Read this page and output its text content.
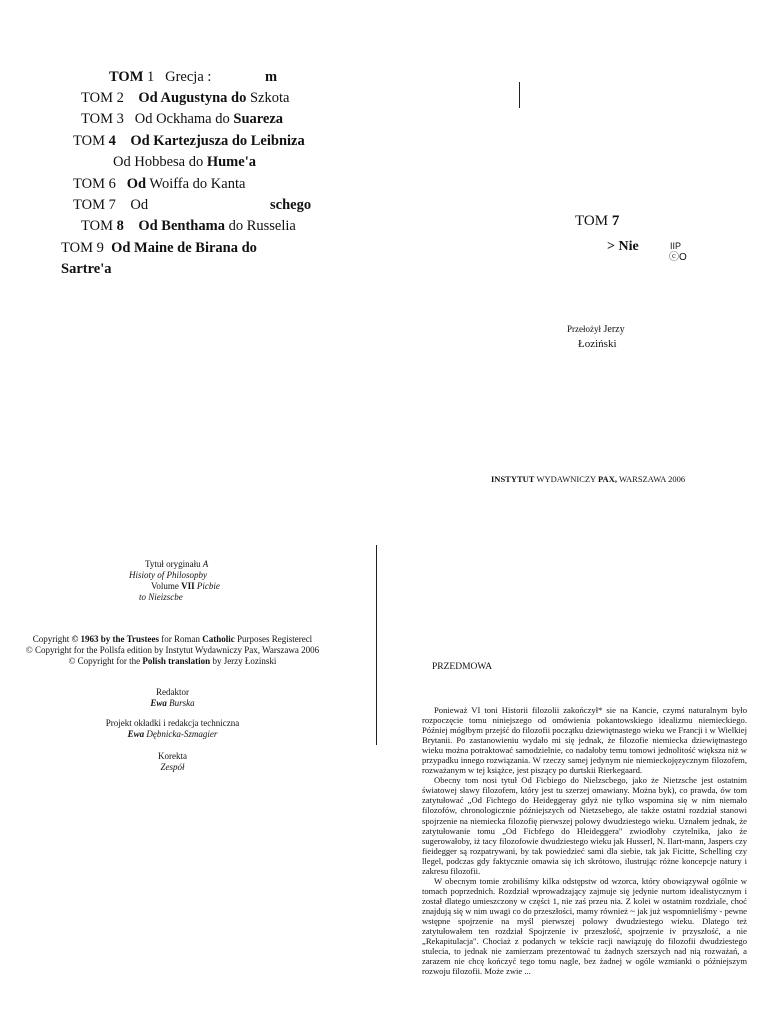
TOM 1   Grecja :	m
TOM 2 Od Augustyna do Szkota
TOM 3 Od Ockhama do Suareza
TOM 4 Od Kartezjusza do Leibniza
Od Hobbesa do Hume'a
TOM 6 Od Woiffa do Kanta
TOM 7 Od	schego
TOM 8 Od Benthama do Russelia
TOM 9 Od Maine de Birana do
Sartre'a
TOM 7
> Nie	IIP
ⓒO
Przełożył Jerzy
Łoziński
INSTYTUT WYDAWNICZY PAX, WARSZAWA 2006
Tytuł oryginału A
Hisioty of Philosopby
Volume VII Picbie
to Nieizscbe
Copyright © 1963 by the Trustees for Roman Catholic Purposes Registerecl
© Copyright for the Pollsfa edition by Instytut Wydawniczy Pax, Warszawa 2006
© Copyright for the Polish translation by Jerzy Łozinski
Redaktor
Ewa Burska
Projekt okładki i redakcja techniczna
Ewa Dębnicka-Szmagier
Korekta
Zespół
PRZEDMOWA

Ponieważ VI toni Historii filozolii zakończył* sie na Kancie, czymś naturalnym było rozpoczęcie tomu niniejszego od omówienia pokantowskiego idealizmu niemieckiego. Później mógłbym przejść do filozofii początku dziewiętnastego wieku we Francji i w Wielkiej Brytanii. Po zastanowieniu wydało mi się jednak, że filozofie niemiecka dziewiętnastego wieku można potraktować samodzielnie, co nadałoby temu tomowi jednolitość większa niż w przypadku innego rozwiązania. W rzeczy samej jedynym nie niemieckojęzycznym filozofem, rozważanym w tej książce, jest piszący po durtskii Rierkegaard.

Obecny tom nosi tytuł Od Ficbiego do Nielzscbego, jako że Nietzsche jest ostatnim światowej sławy filozofem, który jest tu szerzej omawiany. Można byk), co prawda, ów tom zatytułować „Od Fichtego do Heideggeray gdyż nie tylko wspomina się w nim niemało filozofów, chronologicznie późniejszych od Nietzsebego, ale także ostatni rozdział stanowi spojrzenie na niemiecka filozofię pierwszej polowy dwudziestego wieku. Uznałem jednak, że zatytułowanie tomu „Od Ficbfego do Hleideggera" zwiodłoby czytelnika, jako że sugerowałoby, iż tacy filozofowie dwudziestego wieku jak Husserl, N. Ilart-mann, Jaspers czy fieidegger są rozpatrywani, by tak powiedzieć sami dla siebie, tak jak Ficitte, Schelling czy llegel, podczas gdy faktycznie omawia się ich skrótowo, ilustrując różne koncepcje natury i zakresu filozofii.

W obecnym tomie zrobiliśmy kilka odstępstw od wzorca, który obowiązywał ogólnie w tomach poprzednich. Rozdział wprowadzający zajmuje się jedynie nurtom idealistycznym i został dlatego umieszczony w części 1, nie zaś przeu nia. Z kolei w ostatnim rozdziale, choć znajdują się w nim uwagi co do przeszłości, mamy również ~ jak już wspomnieliśmy - pewne wstępne spojrzenie na myśl pierwszej polowy dwudziestego wieku. Dlatego też zatytułowałem ten rozdział Spojrzenie iv przeszłość, spojrzenie iv przyszłość, a nie „Rekapitulacja". Chociaż z podanych w tekście racji nawiązuję do filozofii dwudziestego stulecia, to jednak nie zamierzam prezentować tu żadnych szerszych nad nią rozważań, a zarazem nie chcę kończyć tego tomu nagle, bez żadnej w ogóle wzmianki o późniejszym rozwoju filozofii. Może zwie ...
